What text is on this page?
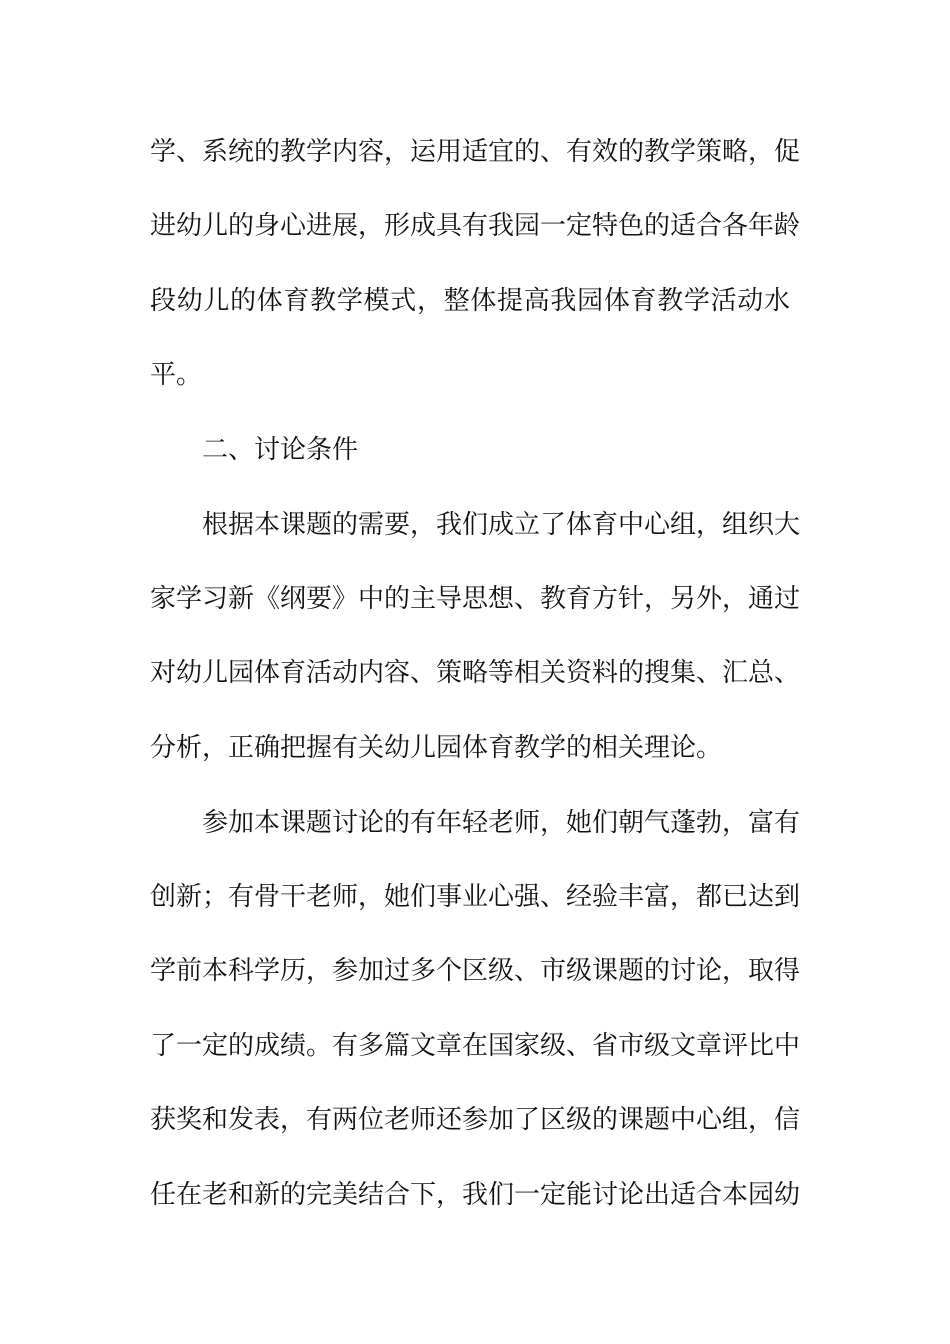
学、系统的教学内容，运用适宜的、有效的教学策略，促
进幼儿的身心进展，形成具有我园一定特色的适合各年龄
段幼儿的体育教学模式，整体提高我园体育教学活动水
平。
二、讨论条件
根据本课题的需要，我们成立了体育中心组，组织大
家学习新《纲要》中的主导思想、教育方针，另外，通过
对幼儿园体育活动内容、策略等相关资料的搜集、汇总、
分析，正确把握有关幼儿园体育教学的相关理论。
参加本课题讨论的有年轻老师，她们朝气蓬勃，富有
创新；有骨干老师，她们事业心强、经验丰富，都已达到
学前本科学历，参加过多个区级、市级课题的讨论，取得
了一定的成绩。有多篇文章在国家级、省市级文章评比中
获奖和发表，有两位老师还参加了区级的课题中心组，信
任在老和新的完美结合下，我们一定能讨论出适合本园幼
